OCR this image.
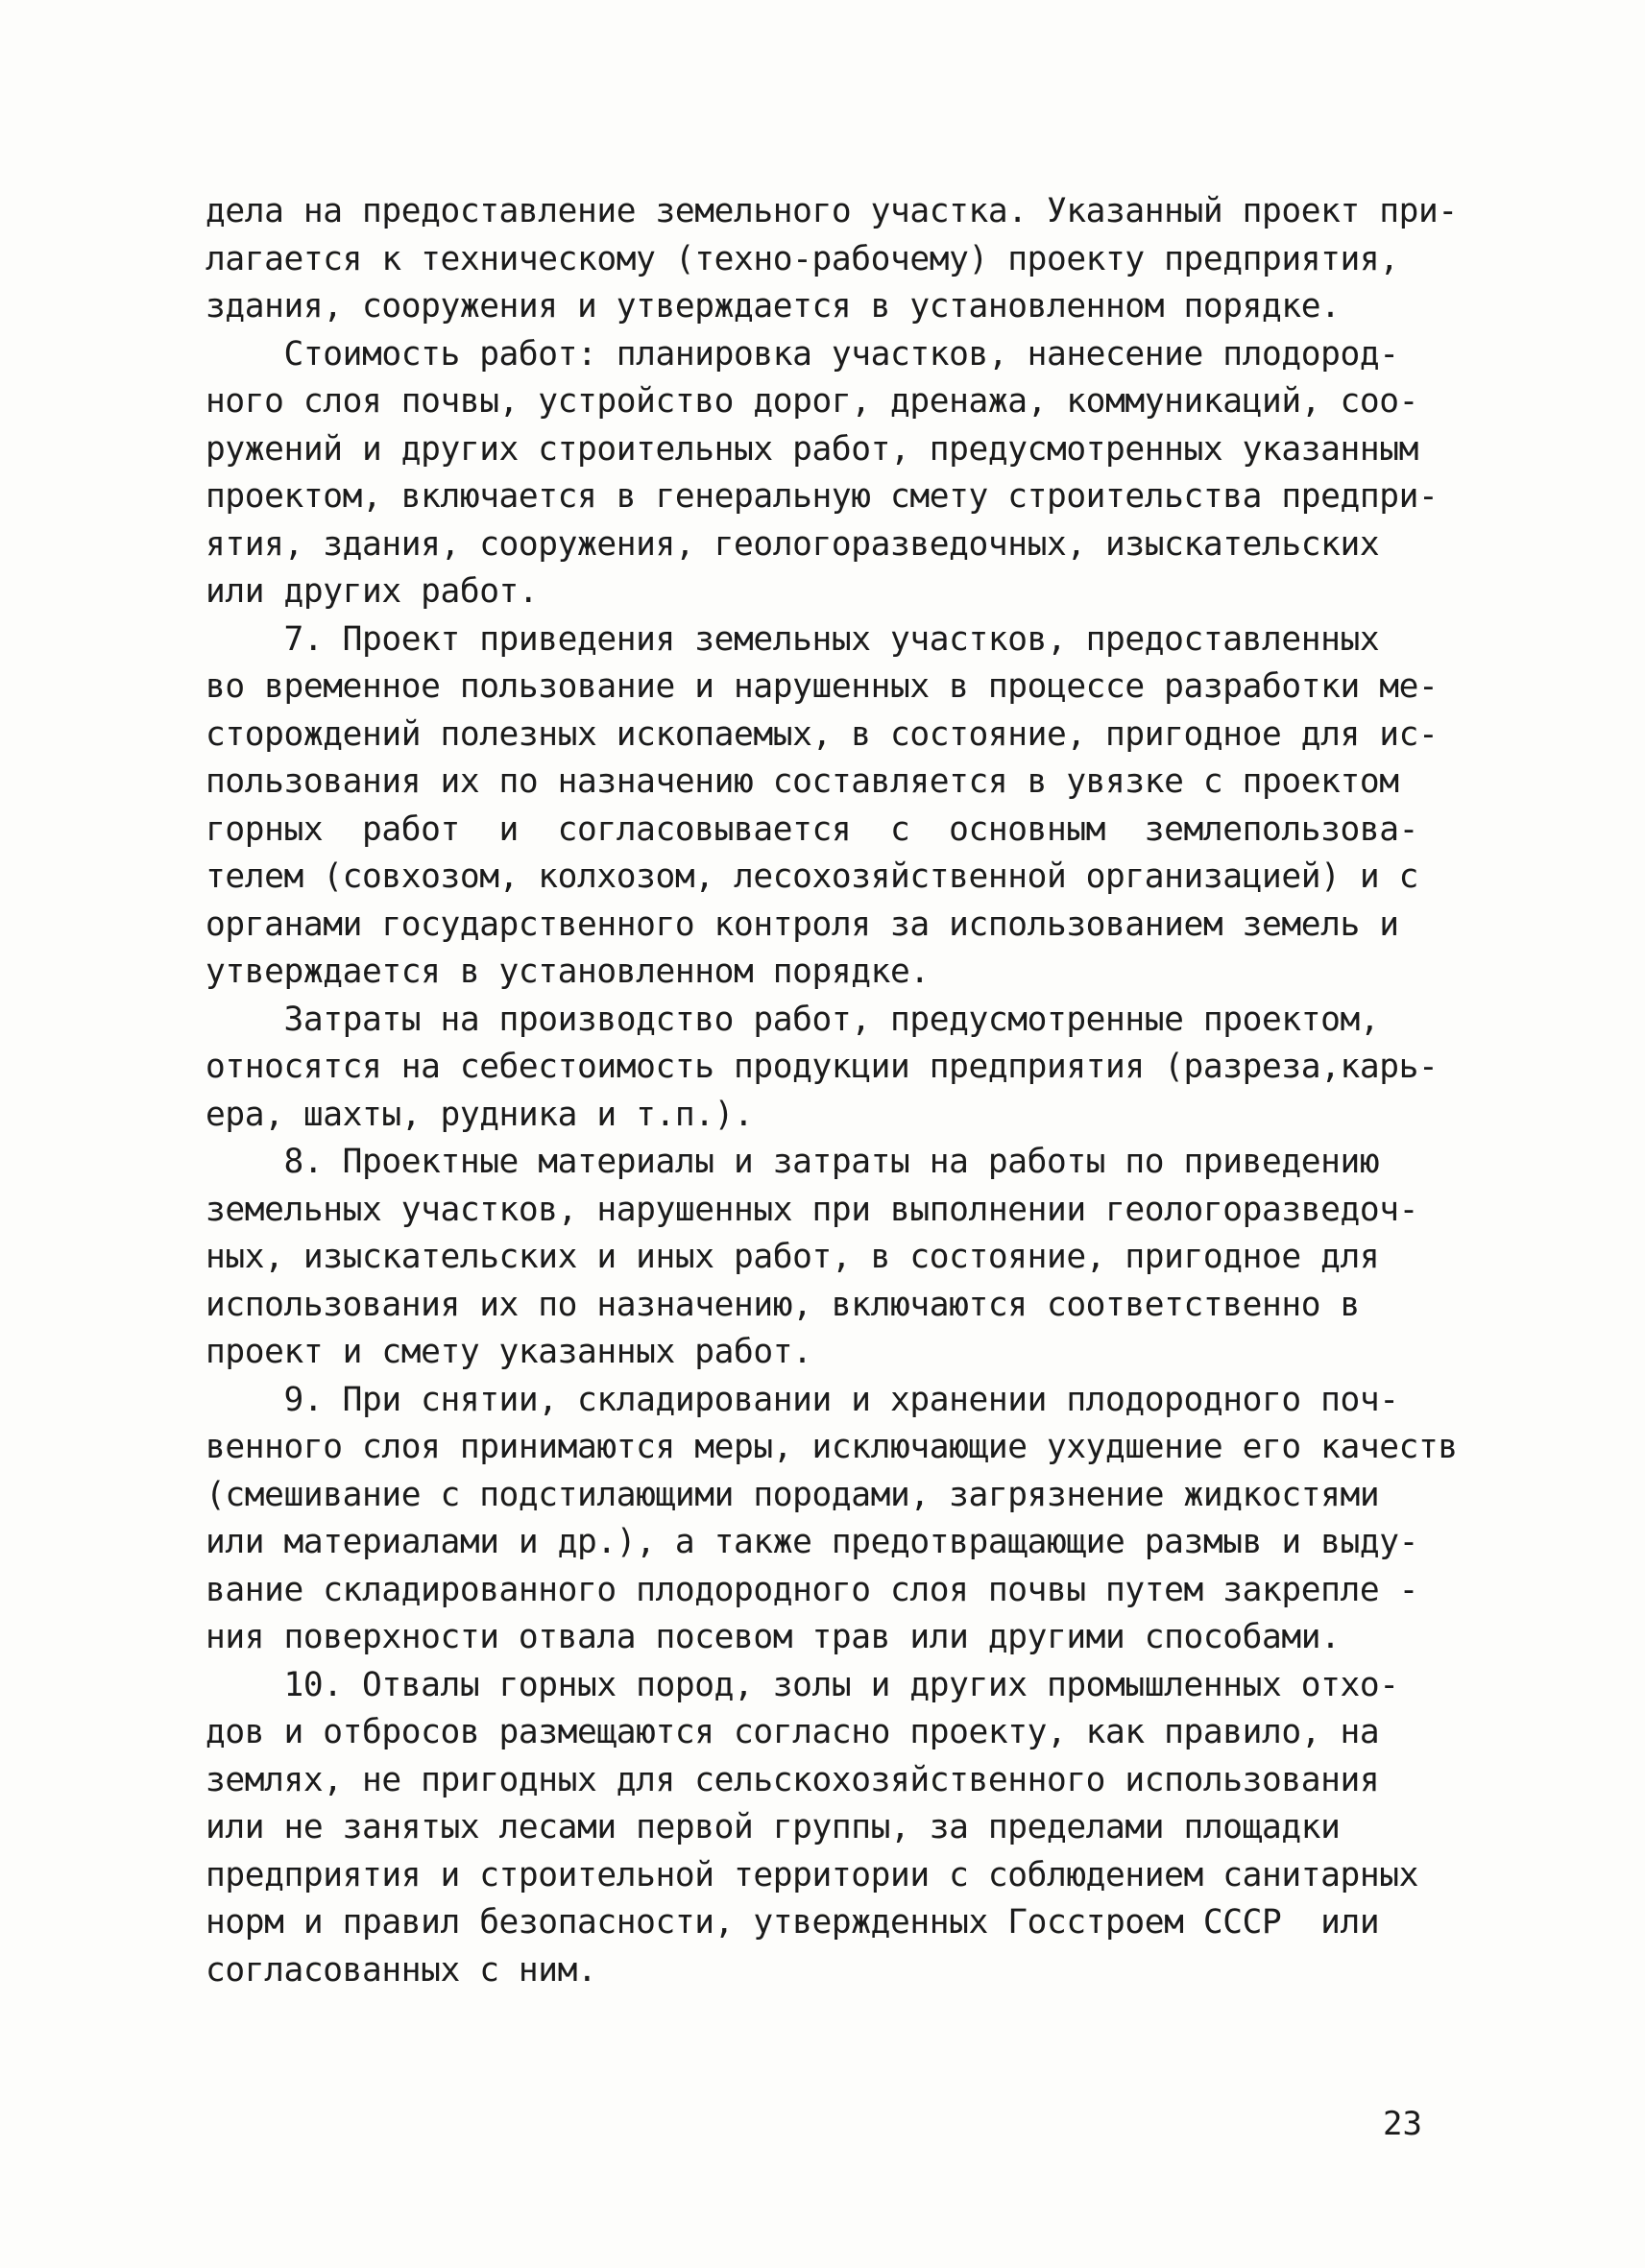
дела на предоставление земельного участка. Указанный проект при-
лагается к техническому (техно-рабочему) проекту предприятия,
здания, сооружения и утверждается в установленном порядке.
Стоимость работ: планировка участков, нанесение плодород-
ного слоя почвы, устройство дорог, дренажа, коммуникаций, соо-
ружений и других строительных работ, предусмотренных указанным
проектом, включается в генеральную смету строительства предпри-
ятия, здания, сооружения, геологоразведочных, изыскательских
или других работ.
7. Проект приведения земельных участков, предоставленных
во временное пользование и нарушенных в процессе разработки ме-
сторождений полезных ископаемых, в состояние, пригодное для ис-
пользования их по назначению составляется в увязке с проектом
горных  работ  и  согласовывается  с  основным  землепользова-
телем (совхозом, колхозом, лесохозяйственной организацией) и с
органами государственного контроля за использованием земель и
утверждается в установленном порядке.
Затраты на производство работ, предусмотренные проектом,
относятся на себестоимость продукции предприятия (разреза,карь-
ера, шахты, рудника и т.п.).
8. Проектные материалы и затраты на работы по приведению
земельных участков, нарушенных при выполнении геологоразведоч-
ных, изыскательских и иных работ, в состояние, пригодное для
использования их по назначению, включаются соответственно в
проект и смету указанных работ.
9. При снятии, складировании и хранении плодородного поч-
венного слоя принимаются меры, исключающие ухудшение его качеств
(смешивание с подстилающими породами, загрязнение жидкостями
или материалами и др.), а также предотвращающие размыв и выду-
вание складированного плодородного слоя почвы путем закрепле -
ния поверхности отвала посевом трав или другими способами.
10. Отвалы горных пород, золы и других промышленных отхо-
дов и отбросов размещаются согласно проекту, как правило, на
землях, не пригодных для сельскохозяйственного использования
или не занятых лесами первой группы, за пределами площадки
предприятия и строительной территории с соблюдением санитарных
норм и правил безопасности, утвержденных Госстроем СССР  или
согласованных с ним.
23
